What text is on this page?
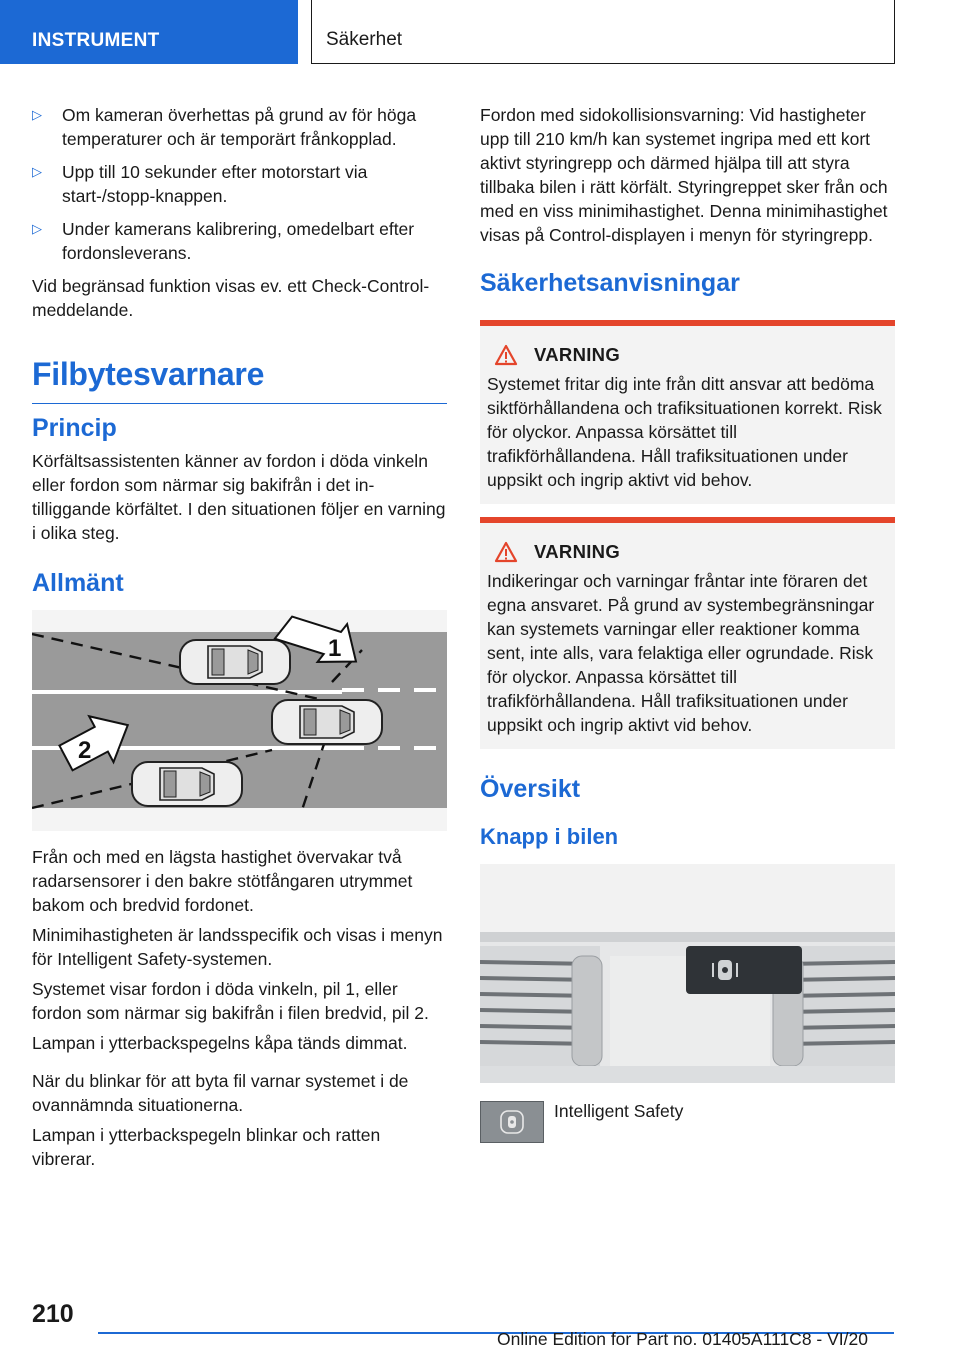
INSTRUMENT	Säkerhet
▷ Om kameran överhettas på grund av för höga temperaturer och är temporärt frånkopplad.
▷ Upp till 10 sekunder efter motorstart via start-/stopp-knappen.
▷ Under kamerans kalibrering, omedelbart efter fordonsleverans.

Vid begränsad funktion visas ev. ett Check-Control-meddelande.

Filbytesvarnare
Princip

Körfältsassistenten känner av fordon i döda vinkeln eller fordon som närmar sig bakifrån i det intilliggande körfältet. I den situationen följer en varning i olika steg.

Allmänt
1
2

Från och med en lägsta hastighet övervakar två radarsensorer i den bakre stötfångaren utrymmet bakom och bredvid fordonet.

Minimihastigheten är landsspecifik och visas i menyn för Intelligent Safety-systemen.

Systemet visar fordon i döda vinkeln, pil 1, eller fordon som närmar sig bakifrån i filen bredvid, pil 2.

Lampan i ytterbackspegelns kåpa tänds dimmat.

När du blinkar för att byta fil varnar systemet i de ovannämnda situationerna.

Lampan i ytterbackspegeln blinkar och ratten vibrerar.

Fordon med sidokollisionsvarning: Vid hastigheter upp till 210 km/h kan systemet ingripa med ett kort aktivt styringrepp och därmed hjälpa till att styra tillbaka bilen i rätt körfält. Styringreppet sker från och med en viss minimihastighet. Denna minimihastighet visas på Control-displayen i menyn för styringrepp.

Säkerhetsanvisningar
VARNING

Systemet fritar dig inte från ditt ansvar att bedöma siktförhållandena och trafiksituationen korrekt. Risk för olyckor. Anpassa körsättet till trafikförhållandena. Håll trafiksituationen under uppsikt och ingrip aktivt vid behov.

VARNING

Indikeringar och varningar fråntar inte föraren det egna ansvaret. På grund av systembegränsningar kan systemets varningar eller reaktioner komma sent, inte alls, vara felaktiga eller ogrundade. Risk för olyckor. Anpassa körsättet till trafikförhållandena. Håll trafiksituationen under uppsikt och ingrip aktivt vid behov.

Översikt
Knapp i bilen
Intelligent Safety
210
Online Edition for Part no. 01405A111C8 - VI/20
